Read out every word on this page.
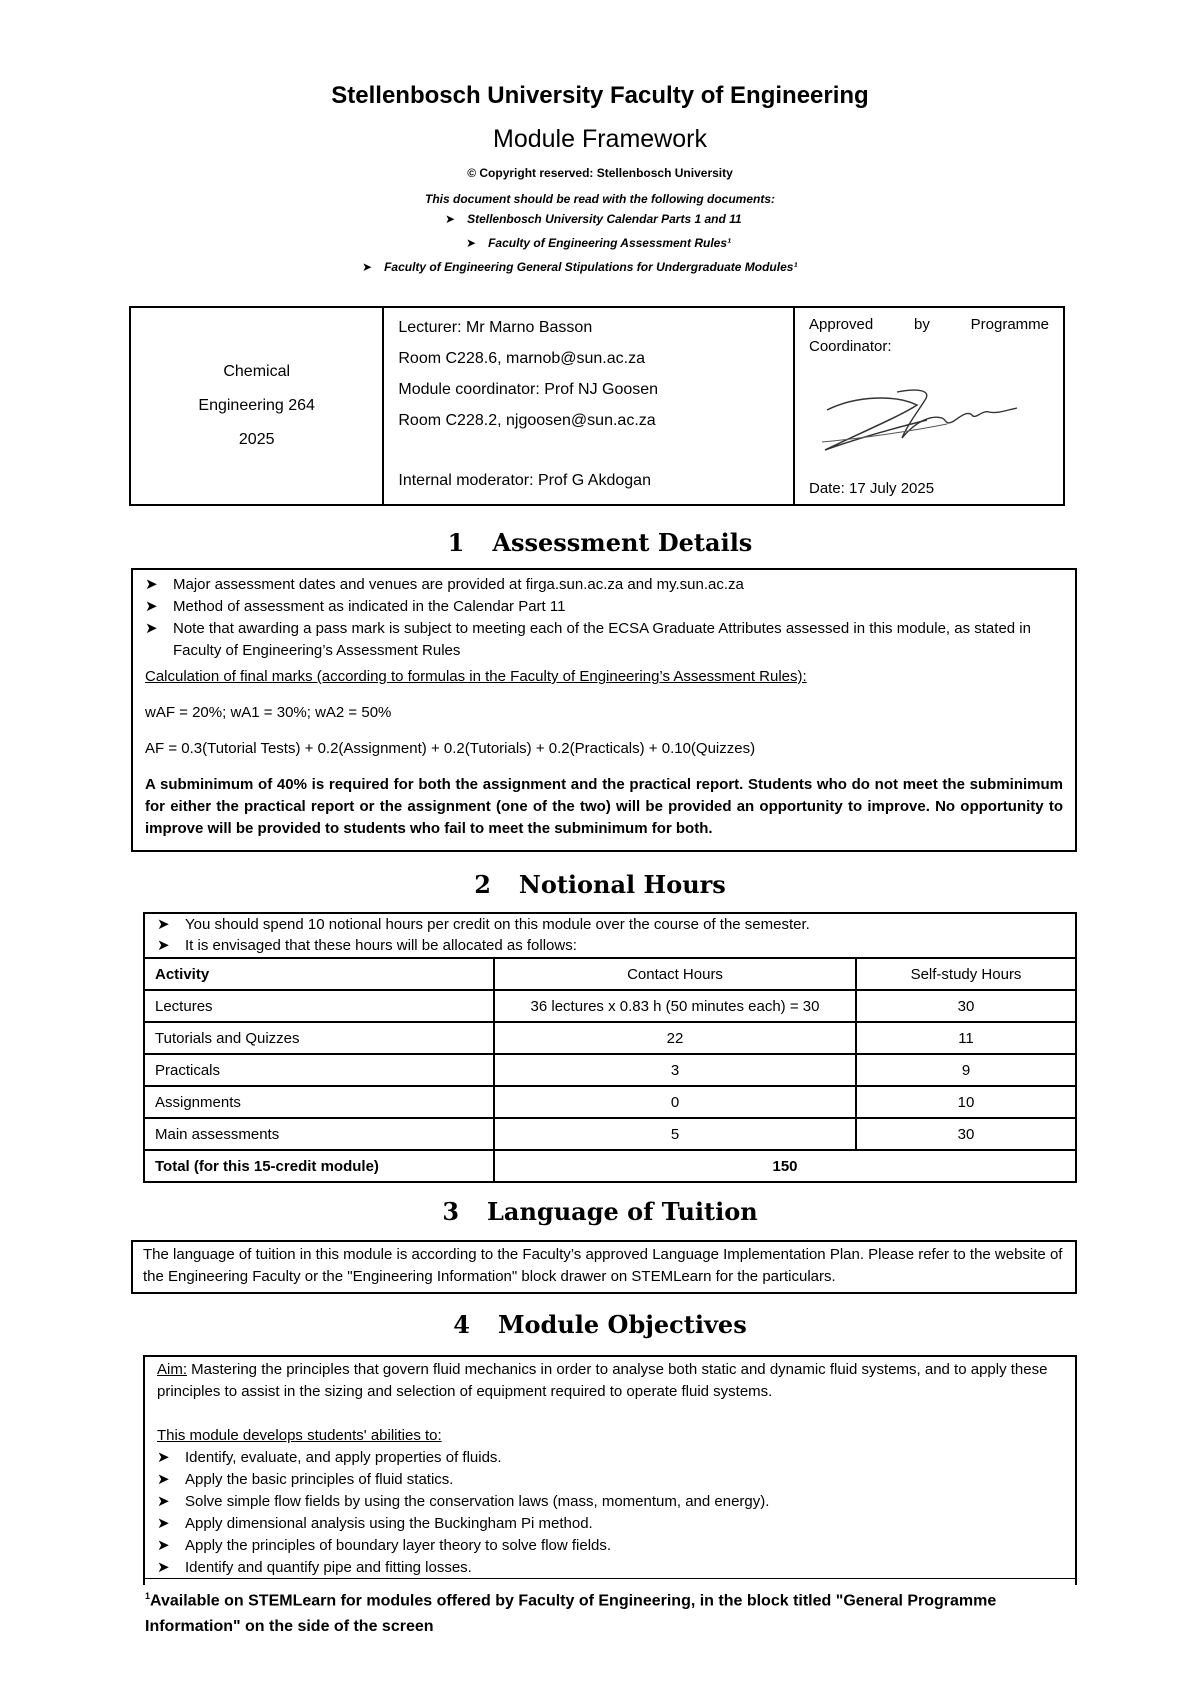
Stellenbosch University Faculty of Engineering
Module Framework
© Copyright reserved: Stellenbosch University
This document should be read with the following documents:
➤ Stellenbosch University Calendar Parts 1 and 11
➤ Faculty of Engineering Assessment Rules¹
➤ Faculty of Engineering General Stipulations for Undergraduate Modules¹
Chemical
Engineering 264
2025

Lecturer: Mr Marno Basson
Room C228.6, marnob@sun.ac.za
Module coordinator: Prof NJ Goosen
Room C228.2, njgoosen@sun.ac.za
Internal moderator: Prof G Akdogan

Approved by Programme
Coordinator:
Date: 17 July 2025
1 Assessment Details
➤ Major assessment dates and venues are provided at firga.sun.ac.za and my.sun.ac.za
➤ Method of assessment as indicated in the Calendar Part 11
➤ Note that awarding a pass mark is subject to meeting each of the ECSA Graduate Attributes assessed in this module, as stated in Faculty of Engineering’s Assessment Rules
Calculation of final marks (according to formulas in the Faculty of Engineering’s Assessment Rules):
wAF = 20%; wA1 = 30%; wA2 = 50%
AF = 0.3(Tutorial Tests) + 0.2(Assignment) + 0.2(Tutorials) + 0.2(Practicals) + 0.10(Quizzes)
A subminimum of 40% is required for both the assignment and the practical report. Students who do not meet the subminimum for either the practical report or the assignment (one of the two) will be provided an opportunity to improve. No opportunity to improve will be provided to students who fail to meet the subminimum for both.
2 Notional Hours
➤ You should spend 10 notional hours per credit on this module over the course of the semester.
➤ It is envisaged that these hours will be allocated as follows:
Activity	Contact Hours	Self-study Hours
Lectures	36 lectures x 0.83 h (50 minutes each) = 30	30
Tutorials and Quizzes	22	11
Practicals	3	9
Assignments	0	10
Main assessments	5	30
Total (for this 15-credit module)	150	
3 Language of Tuition
The language of tuition in this module is according to the Faculty’s approved Language Implementation Plan. Please refer to the website of the Engineering Faculty or the "Engineering Information" block drawer on STEMLearn for the particulars.
4 Module Objectives
Aim: Mastering the principles that govern fluid mechanics in order to analyse both static and dynamic fluid systems, and to apply these principles to assist in the sizing and selection of equipment required to operate fluid systems.
This module develops students' abilities to:
➤ Identify, evaluate, and apply properties of fluids.
➤ Apply the basic principles of fluid statics.
➤ Solve simple flow fields by using the conservation laws (mass, momentum, and energy).
➤ Apply dimensional analysis using the Buckingham Pi method.
➤ Apply the principles of boundary layer theory to solve flow fields.
➤ Identify and quantify pipe and fitting losses.
$^1$Available on STEMLearn for modules offered by Faculty of Engineering, in the block titled "General Programme Information" on the side of the screen
